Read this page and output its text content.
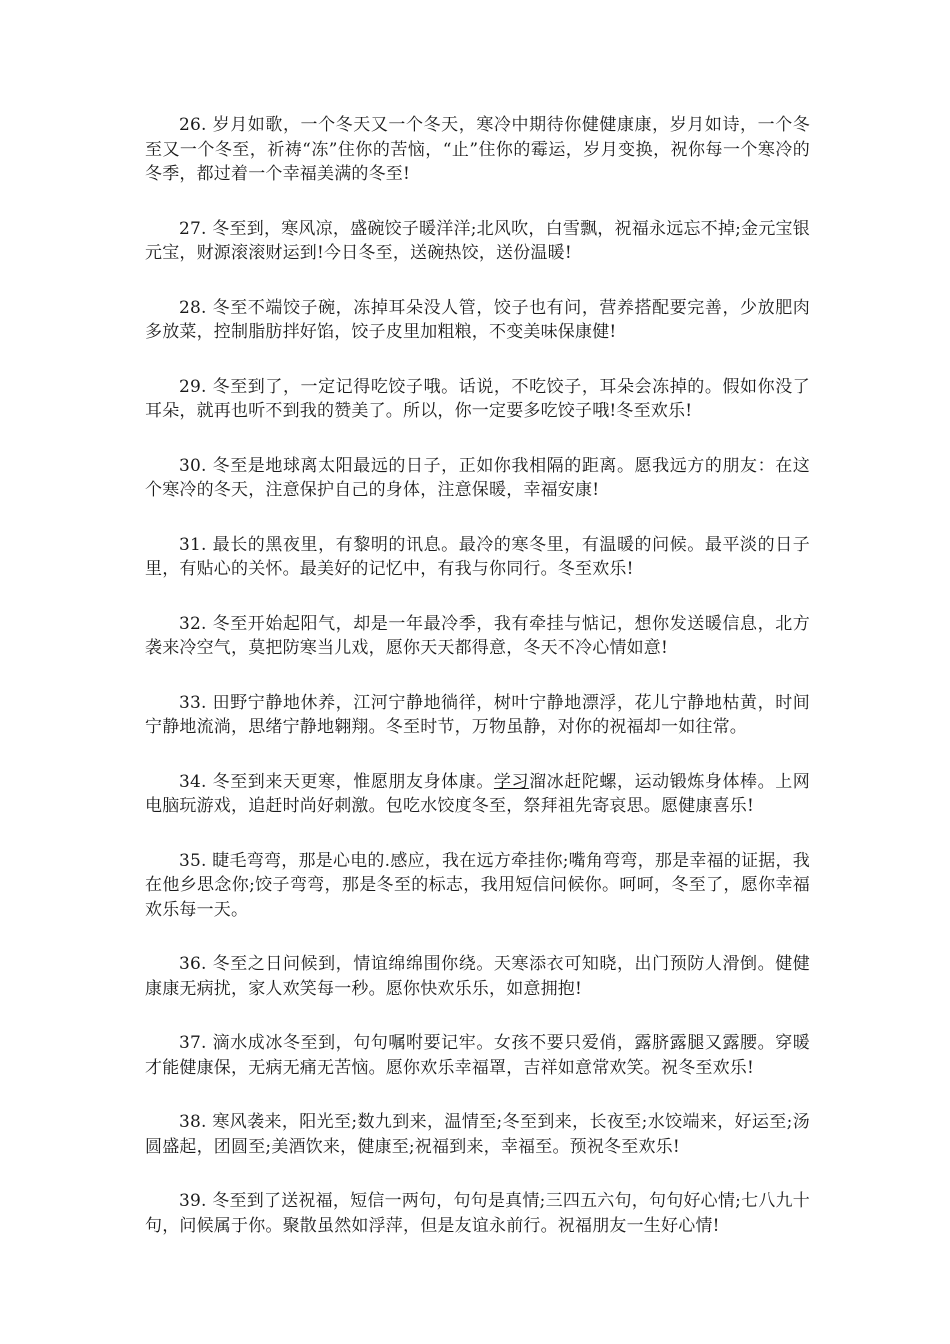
26. 岁月如歌，一个冬天又一个冬天，寒冷中期待你健健康康，岁月如诗，一个冬至又一个冬至，祈祷“冻”住你的苦恼，“止”住你的霉运，岁月变换，祝你每一个寒冷的冬季，都过着一个幸福美满的冬至!

27. 冬至到，寒风凉，盛碗饺子暖洋洋;北风吹，白雪飘，祝福永远忘不掉;金元宝银元宝，财源滚滚财运到!今日冬至，送碗热饺，送份温暖!

28. 冬至不端饺子碗，冻掉耳朵没人管，饺子也有问，营养搭配要完善，少放肥肉多放菜，控制脂肪拌好馅，饺子皮里加粗粮，不变美味保康健!

29. 冬至到了，一定记得吃饺子哦。话说，不吃饺子，耳朵会冻掉的。假如你没了耳朵，就再也听不到我的赞美了。所以，你一定要多吃饺子哦!冬至欢乐!

30. 冬至是地球离太阳最远的日子，正如你我相隔的距离。愿我远方的朋友：在这个寒冷的冬天，注意保护自己的身体，注意保暖，幸福安康!

31. 最长的黑夜里，有黎明的讯息。最冷的寒冬里，有温暖的问候。最平淡的日子里，有贴心的关怀。最美好的记忆中，有我与你同行。冬至欢乐!

32. 冬至开始起阳气，却是一年最冷季，我有牵挂与惦记，想你发送暖信息，北方袭来冷空气，莫把防寒当儿戏，愿你天天都得意，冬天不冷心情如意!

33. 田野宁静地休养，江河宁静地徜徉，树叶宁静地漂浮，花儿宁静地枯黄，时间宁静地流淌，思绪宁静地翱翔。冬至时节，万物虽静，对你的祝福却一如往常。

34. 冬至到来天更寒，惟愿朋友身体康。学习溜冰赶陀螺，运动锻炼身体棒。上网电脑玩游戏，追赶时尚好刺激。包吃水饺度冬至，祭拜祖先寄哀思。愿健康喜乐!

35. 睫毛弯弯，那是心电的.感应，我在远方牵挂你;嘴角弯弯，那是幸福的证据，我在他乡思念你;饺子弯弯，那是冬至的标志，我用短信问候你。呵呵，冬至了，愿你幸福欢乐每一天。

36. 冬至之日问候到，情谊绵绵围你绕。天寒添衣可知晓，出门预防人滑倒。健健康康无病扰，家人欢笑每一秒。愿你快欢乐乐，如意拥抱!

37. 滴水成冰冬至到，句句嘱咐要记牢。女孩不要只爱俏，露脐露腿又露腰。穿暖才能健康保，无病无痛无苦恼。愿你欢乐幸福罩，吉祥如意常欢笑。祝冬至欢乐!

38. 寒风袭来，阳光至;数九到来，温情至;冬至到来，长夜至;水饺端来，好运至;汤圆盛起，团圆至;美酒饮来，健康至;祝福到来，幸福至。预祝冬至欢乐!

39. 冬至到了送祝福，短信一两句，句句是真情;三四五六句，句句好心情;七八九十句，问候属于你。聚散虽然如浮萍，但是友谊永前行。祝福朋友一生好心情!
